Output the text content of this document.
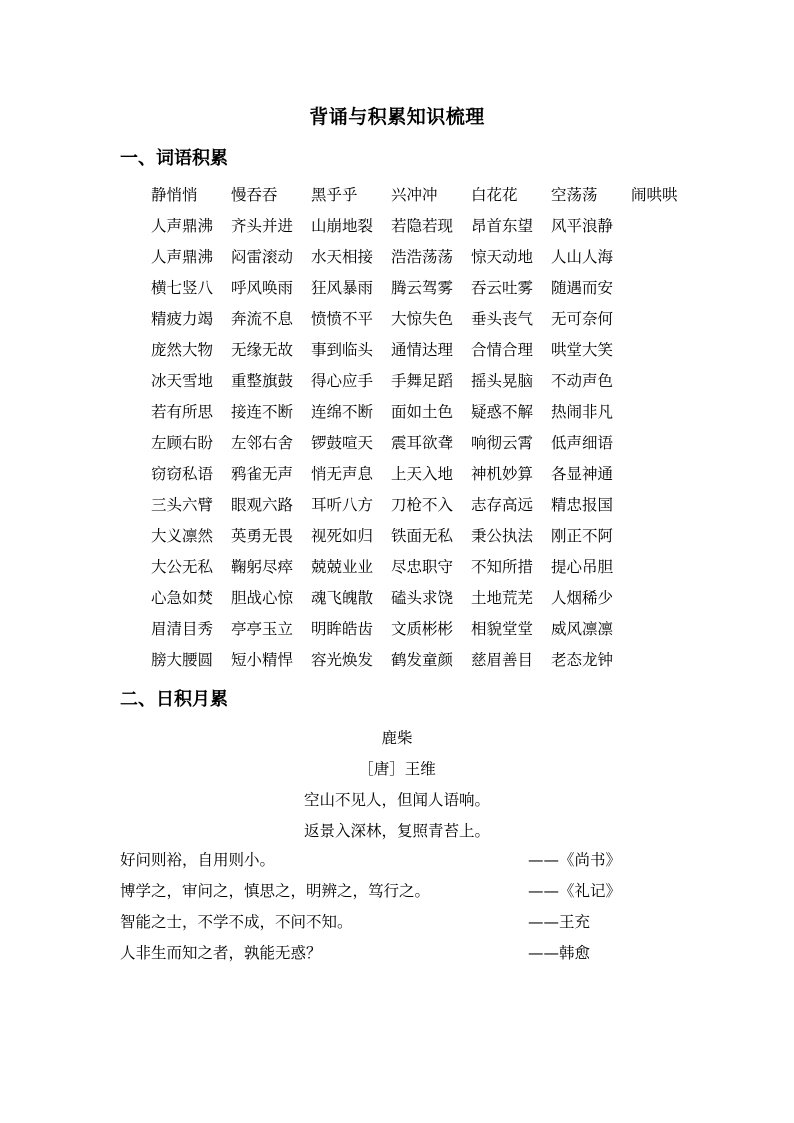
背诵与积累知识梳理
一、词语积累
静悄悄 慢吞吞 黑乎乎 兴冲冲 白花花 空荡荡 闹哄哄
人声鼎沸 齐头并进 山崩地裂 若隐若现 昂首东望 风平浪静
人声鼎沸 闷雷滚动 水天相接 浩浩荡荡 惊天动地 人山人海
横七竖八 呼风唤雨 狂风暴雨 腾云驾雾 吞云吐雾 随遇而安
精疲力竭 奔流不息 愤愤不平 大惊失色 垂头丧气 无可奈何
庞然大物 无缘无故 事到临头 通情达理 合情合理 哄堂大笑
冰天雪地 重整旗鼓 得心应手 手舞足蹈 摇头晃脑 不动声色
若有所思 接连不断 连绵不断 面如土色 疑惑不解 热闹非凡
左顾右盼 左邻右舍 锣鼓喧天 震耳欲聋 响彻云霄 低声细语
窃窃私语 鸦雀无声 悄无声息 上天入地 神机妙算 各显神通
三头六臂 眼观六路 耳听八方 刀枪不入 志存高远 精忠报国
大义凛然 英勇无畏 视死如归 铁面无私 秉公执法 刚正不阿
大公无私 鞠躬尽瘁 兢兢业业 尽忠职守 不知所措 提心吊胆
心急如焚 胆战心惊 魂飞魄散 磕头求饶 土地荒芜 人烟稀少
眉清目秀 亭亭玉立 明眸皓齿 文质彬彬 相貌堂堂 威风凛凛
膀大腰圆 短小精悍 容光焕发 鹤发童颜 慈眉善目 老态龙钟
二、日积月累
鹿柴
［唐］王维
空山不见人，但闻人语响。
返景入深林，复照青苔上。
好问则裕，自用则小。	——《尚书》
博学之，审问之，慎思之，明辨之，笃行之。	——《礼记》
智能之士，不学不成，不问不知。	——王充
人非生而知之者，孰能无惑？	——韩愈
